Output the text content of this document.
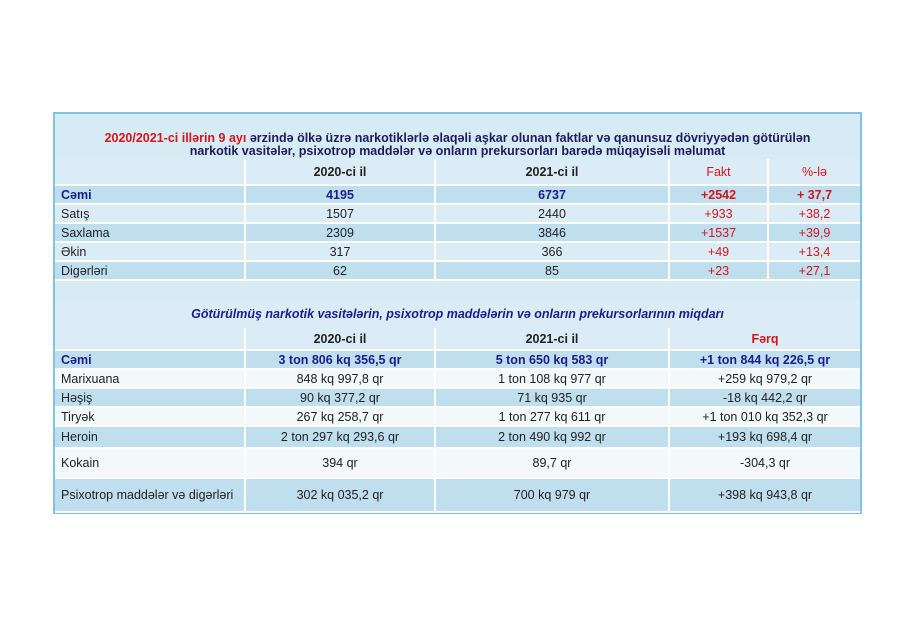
2020/2021-ci illərin 9 ayı ərzində ölkə üzrə narkotiklərlə əlaqəli aşkar olunan faktlar və qanunsuz dövriyyədən götürülən
narkotik vasitələr, psixotrop maddələr və onların prekursorları barədə müqayisəli məlumat
	2020-ci il	2021-ci il	Fakt	%-lə
Cəmi	4195	6737	+2542	+ 37,7
Satış	1507	2440	+933	+38,2
Saxlama	2309	3846	+1537	+39,9
Əkin	317	366	+49	+13,4
Digərləri	62	85	+23	+27,1
Götürülmüş narkotik vasitələrin, psixotrop maddələrin və onların prekursorlarının miqdarı
	2020-ci il	2021-ci il	Fərq
Cəmi	3 ton 806 kq 356,5 qr	5 ton 650 kq 583 qr	+1 ton 844 kq 226,5 qr
Marixuana	848 kq 997,8 qr	1 ton 108 kq 977 qr	+259 kq 979,2 qr
Həşiş	90 kq 377,2 qr	71 kq 935 qr	-18 kq 442,2 qr
Tiryək	267 kq 258,7 qr	1 ton 277 kq 611 qr	+1 ton 010 kq 352,3 qr
Heroin	2 ton 297 kq 293,6 qr	2 ton 490 kq 992 qr	+193 kq 698,4 qr
Kokain	394 qr	89,7 qr	-304,3 qr
Psixotrop maddələr və digərləri	302 kq 035,2 qr	700 kq 979 qr	+398 kq 943,8 qr
